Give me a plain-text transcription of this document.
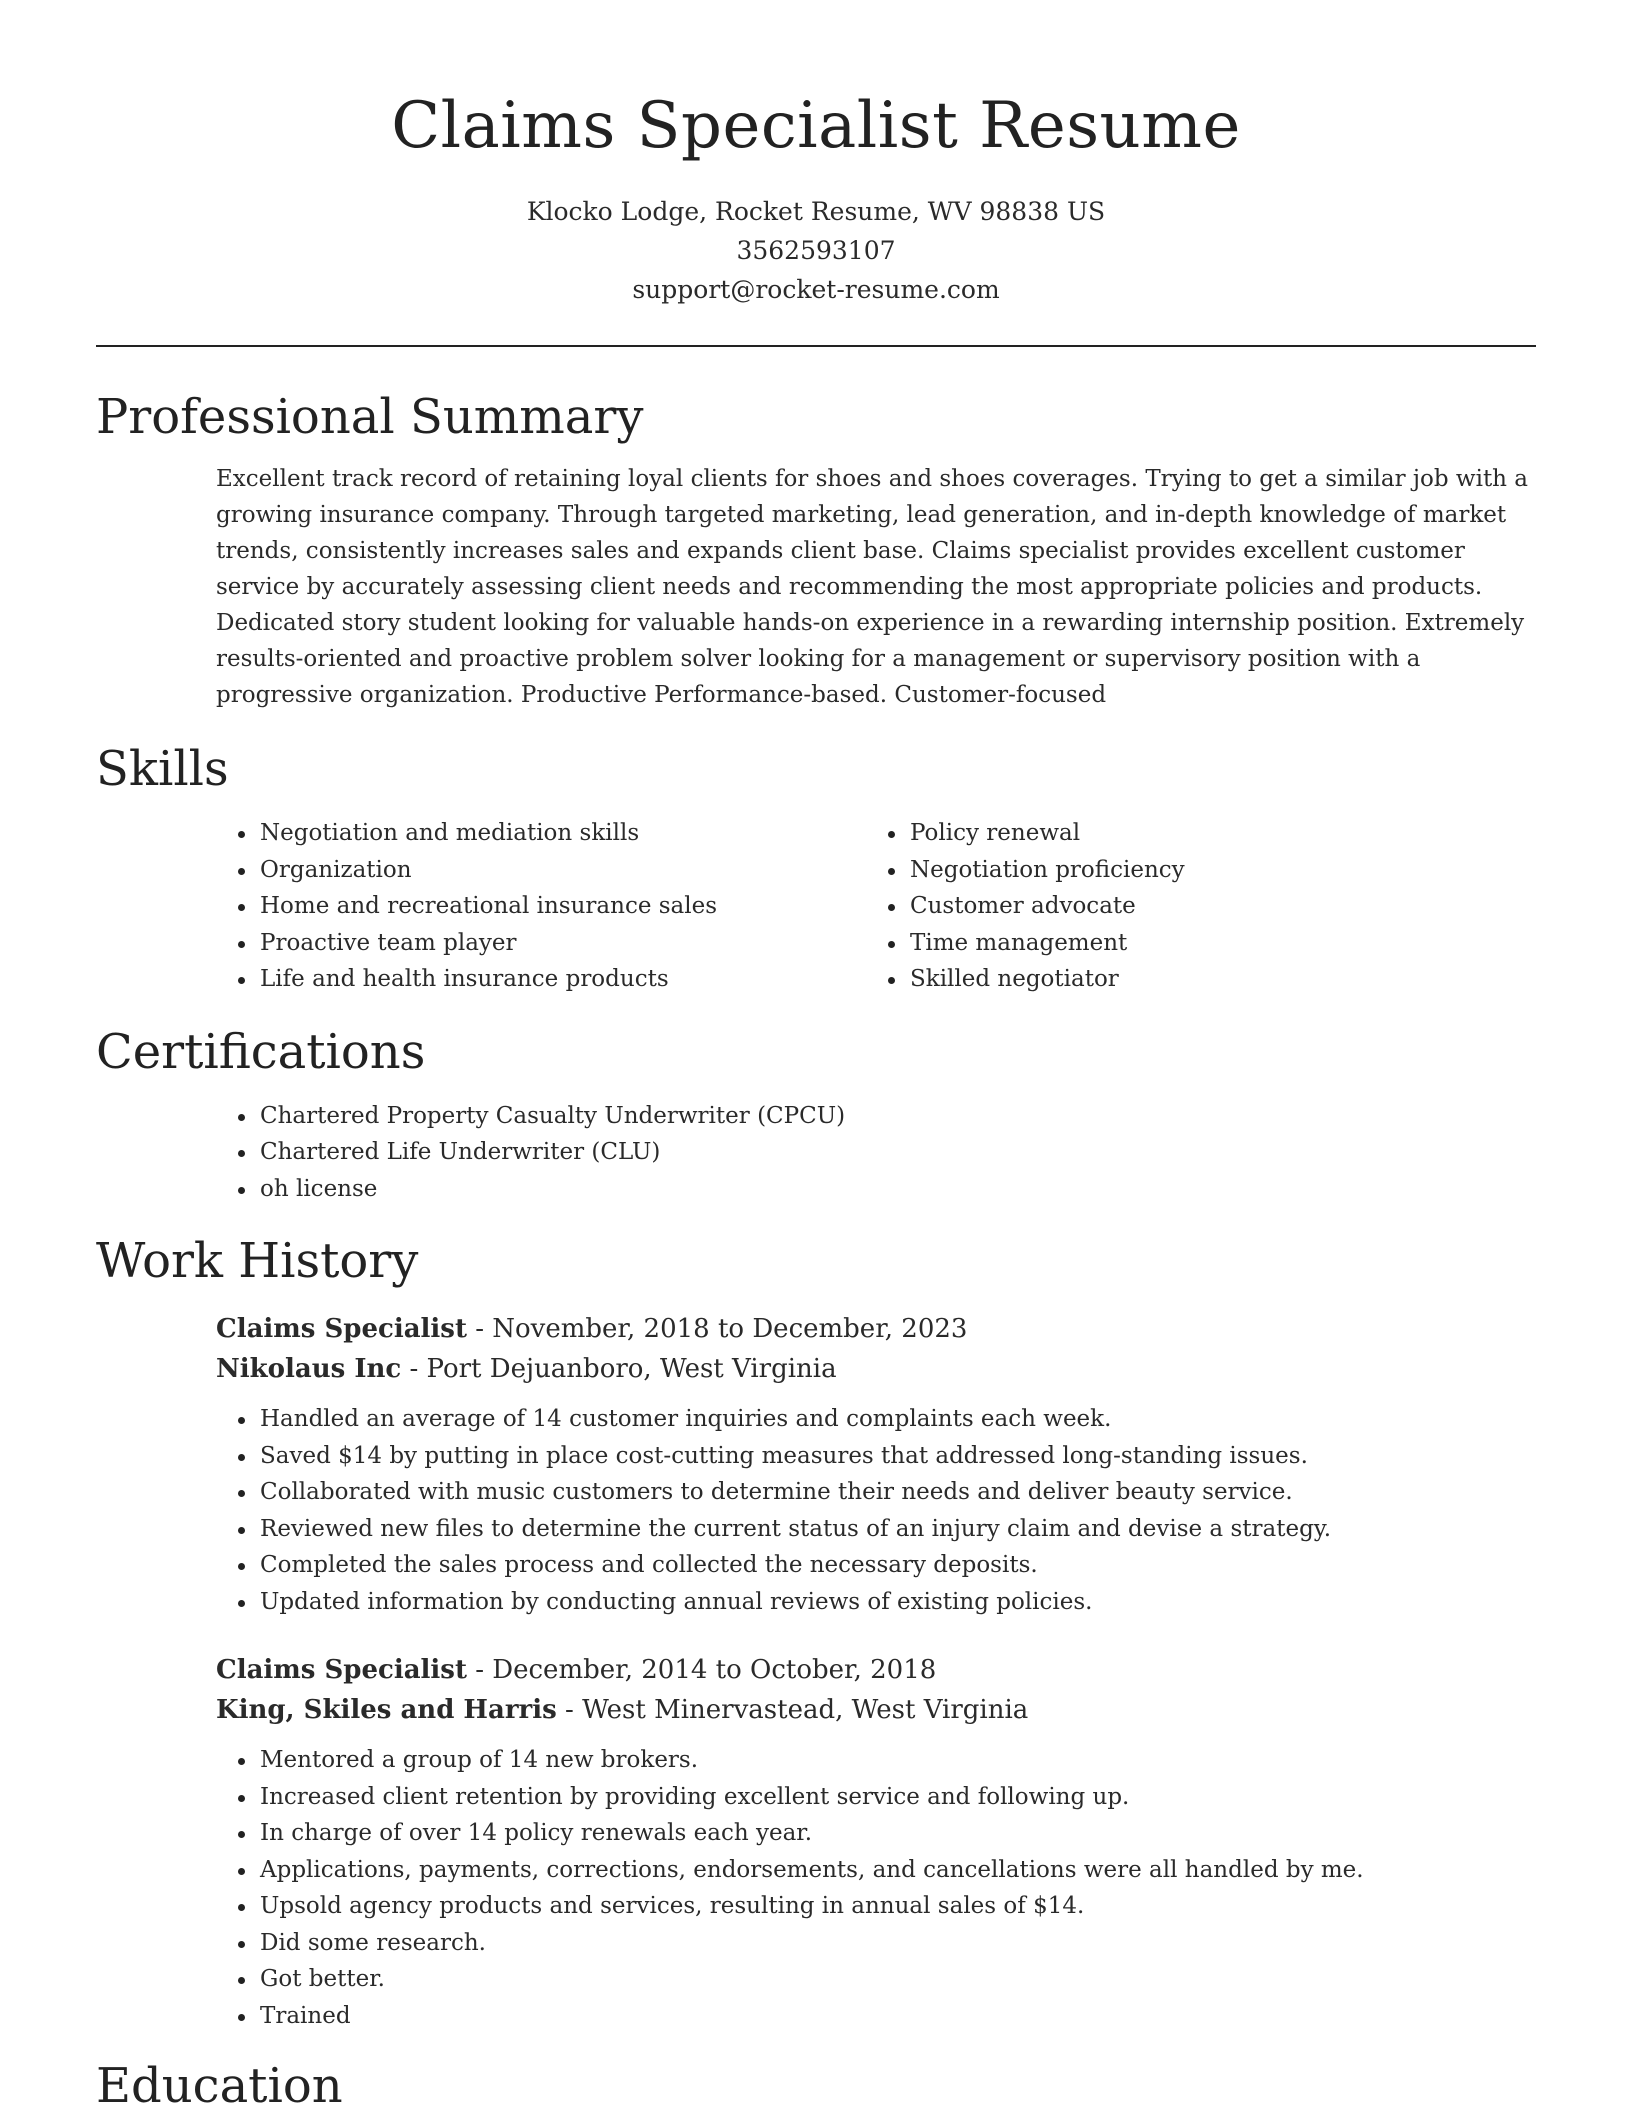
Claims Specialist Resume
Klocko Lodge, Rocket Resume, WV 98838 US
3562593107
support@rocket-resume.com
Professional Summary

Excellent track record of retaining loyal clients for shoes and shoes coverages. Trying to get a similar job with a growing insurance company. Through targeted marketing, lead generation, and in-depth knowledge of market trends, consistently increases sales and expands client base. Claims specialist provides excellent customer service by accurately assessing client needs and recommending the most appropriate policies and products. Dedicated story student looking for valuable hands-on experience in a rewarding internship position. Extremely results-oriented and proactive problem solver looking for a management or supervisory position with a progressive organization. Productive Performance-based. Customer-focused

Skills
Negotiation and mediation skills
Organization
Home and recreational insurance sales
Proactive team player
Life and health insurance products
Policy renewal
Negotiation proficiency
Customer advocate
Time management
Skilled negotiator
Certifications
Chartered Property Casualty Underwriter (CPCU)
Chartered Life Underwriter (CLU)
oh license
Work History
Claims Specialist - November, 2018 to December, 2023
Nikolaus Inc - Port Dejuanboro, West Virginia
Handled an average of 14 customer inquiries and complaints each week.
Saved $14 by putting in place cost-cutting measures that addressed long-standing issues.
Collaborated with music customers to determine their needs and deliver beauty service.
Reviewed new files to determine the current status of an injury claim and devise a strategy.
Completed the sales process and collected the necessary deposits.
Updated information by conducting annual reviews of existing policies.
Claims Specialist - December, 2014 to October, 2018
King, Skiles and Harris - West Minervastead, West Virginia
Mentored a group of 14 new brokers.
Increased client retention by providing excellent service and following up.
In charge of over 14 policy renewals each year.
Applications, payments, corrections, endorsements, and cancellations were all handled by me.
Upsold agency products and services, resulting in annual sales of $14.
Did some research.
Got better.
Trained
Education
